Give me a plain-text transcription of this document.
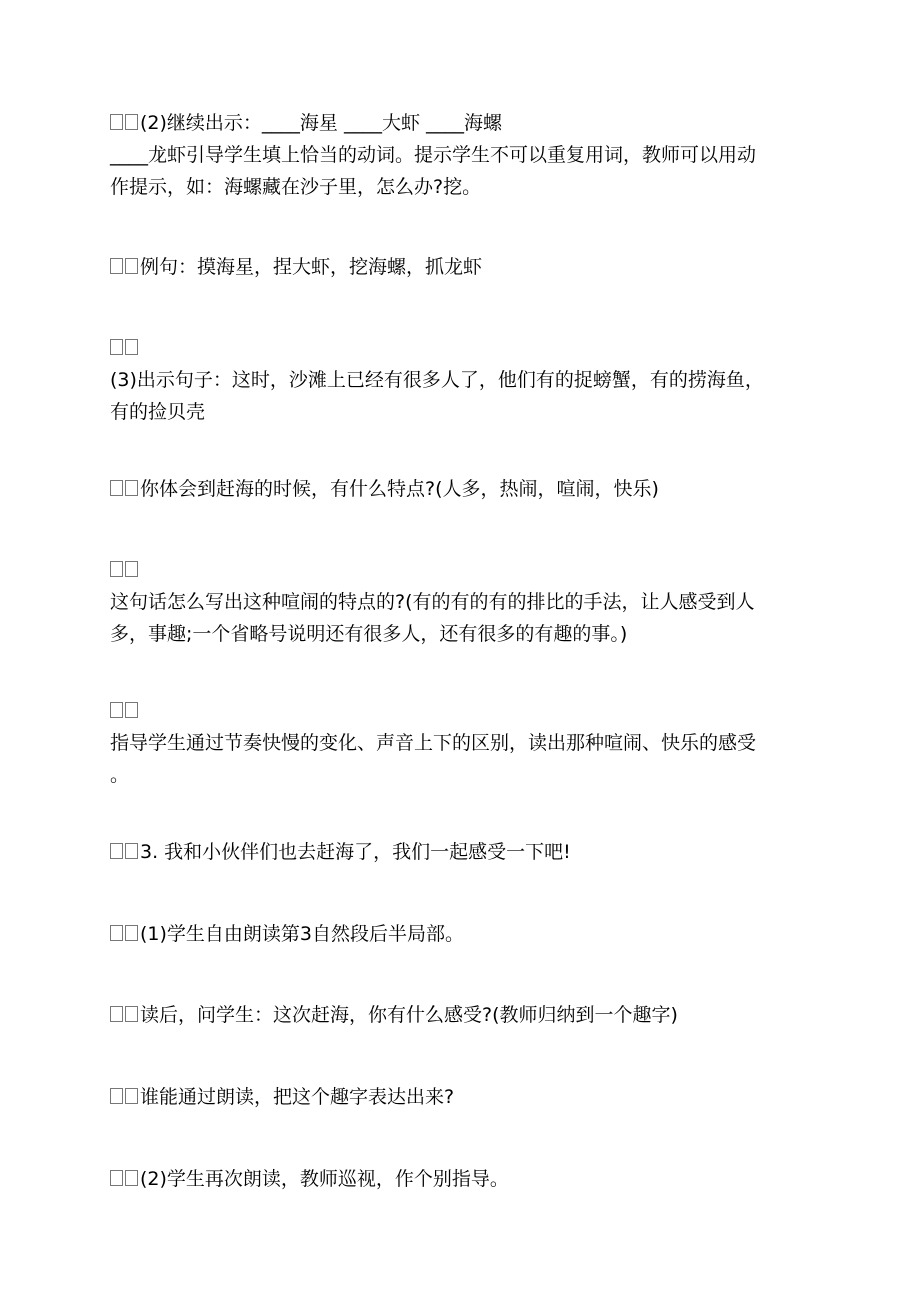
(2)继续出示：____海星 ____大虾 ____海螺
____龙虾引导学生填上恰当的动词。提示学生不可以重复用词，教师可以用动
作提示，如：海螺藏在沙子里，怎么办?挖。
例句：摸海星，捏大虾，挖海螺，抓龙虾
(3)出示句子：这时，沙滩上已经有很多人了，他们有的捉螃蟹，有的捞海鱼，
有的捡贝壳
你体会到赶海的时候，有什么特点?(人多，热闹，喧闹，快乐)
这句话怎么写出这种喧闹的特点的?(有的有的有的排比的手法，让人感受到人
多，事趣;一个省略号说明还有很多人，还有很多的有趣的事。)
指导学生通过节奏快慢的变化、声音上下的区别，读出那种喧闹、快乐的感受
。
3. 我和小伙伴们也去赶海了，我们一起感受一下吧!
(1)学生自由朗读第3自然段后半局部。
读后，问学生：这次赶海，你有什么感受?(教师归纳到一个趣字)
谁能通过朗读，把这个趣字表达出来?
(2)学生再次朗读，教师巡视，作个别指导。
